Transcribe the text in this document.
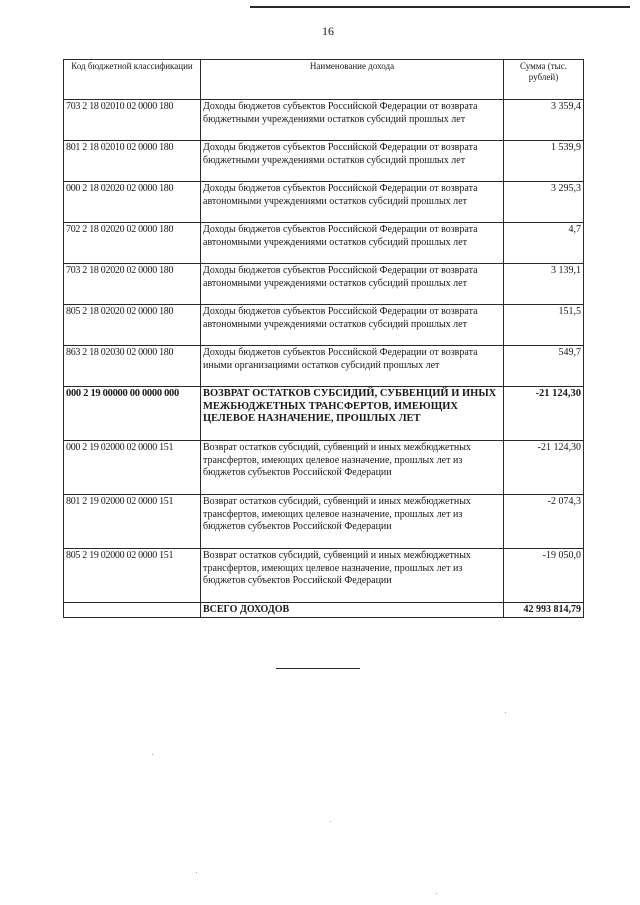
16
Код бюджетной классификации	Наименование дохода	Сумма (тыс. рублей)
703 2 18 02010 02 0000 180	Доходы бюджетов субъектов Российской Федерации от возврата бюджетными учреждениями остатков субсидий прошлых лет	3 359,4
801 2 18 02010 02 0000 180	Доходы бюджетов субъектов Российской Федерации от возврата бюджетными учреждениями остатков субсидий прошлых лет	1 539,9
000 2 18 02020 02 0000 180	Доходы бюджетов субъектов Российской Федерации от возврата автономными учреждениями остатков субсидий прошлых лет	3 295,3
702 2 18 02020 02 0000 180	Доходы бюджетов субъектов Российской Федерации от возврата автономными учреждениями остатков субсидий прошлых лет	4,7
703 2 18 02020 02 0000 180	Доходы бюджетов субъектов Российской Федерации от возврата автономными учреждениями остатков субсидий прошлых лет	3 139,1
805 2 18 02020 02 0000 180	Доходы бюджетов субъектов Российской Федерации от возврата автономными учреждениями остатков субсидий прошлых лет	151,5
863 2 18 02030 02 0000 180	Доходы бюджетов субъектов Российской Федерации от возврата иными организациями остатков субсидий прошлых лет	549,7
000 2 19 00000 00 0000 000	ВОЗВРАТ ОСТАТКОВ СУБСИДИЙ, СУБВЕНЦИЙ И ИНЫХ МЕЖБЮДЖЕТНЫХ ТРАНСФЕРТОВ, ИМЕЮЩИХ ЦЕЛЕВОЕ НАЗНАЧЕНИЕ, ПРОШЛЫХ ЛЕТ	-21 124,30
000 2 19 02000 02 0000 151	Возврат остатков субсидий, субвенций и иных межбюджетных трансфертов, имеющих целевое назначение, прошлых лет из бюджетов субъектов Российской Федерации	-21 124,30
801 2 19 02000 02 0000 151	Возврат остатков субсидий, субвенций и иных межбюджетных трансфертов, имеющих целевое назначение, прошлых лет из бюджетов субъектов Российской Федерации	-2 074,3
805 2 19 02000 02 0000 151	Возврат остатков субсидий, субвенций и иных межбюджетных трансфертов, имеющих целевое назначение, прошлых лет из бюджетов субъектов Российской Федерации	-19 050,0
	ВСЕГО ДОХОДОВ	42 993 814,79
